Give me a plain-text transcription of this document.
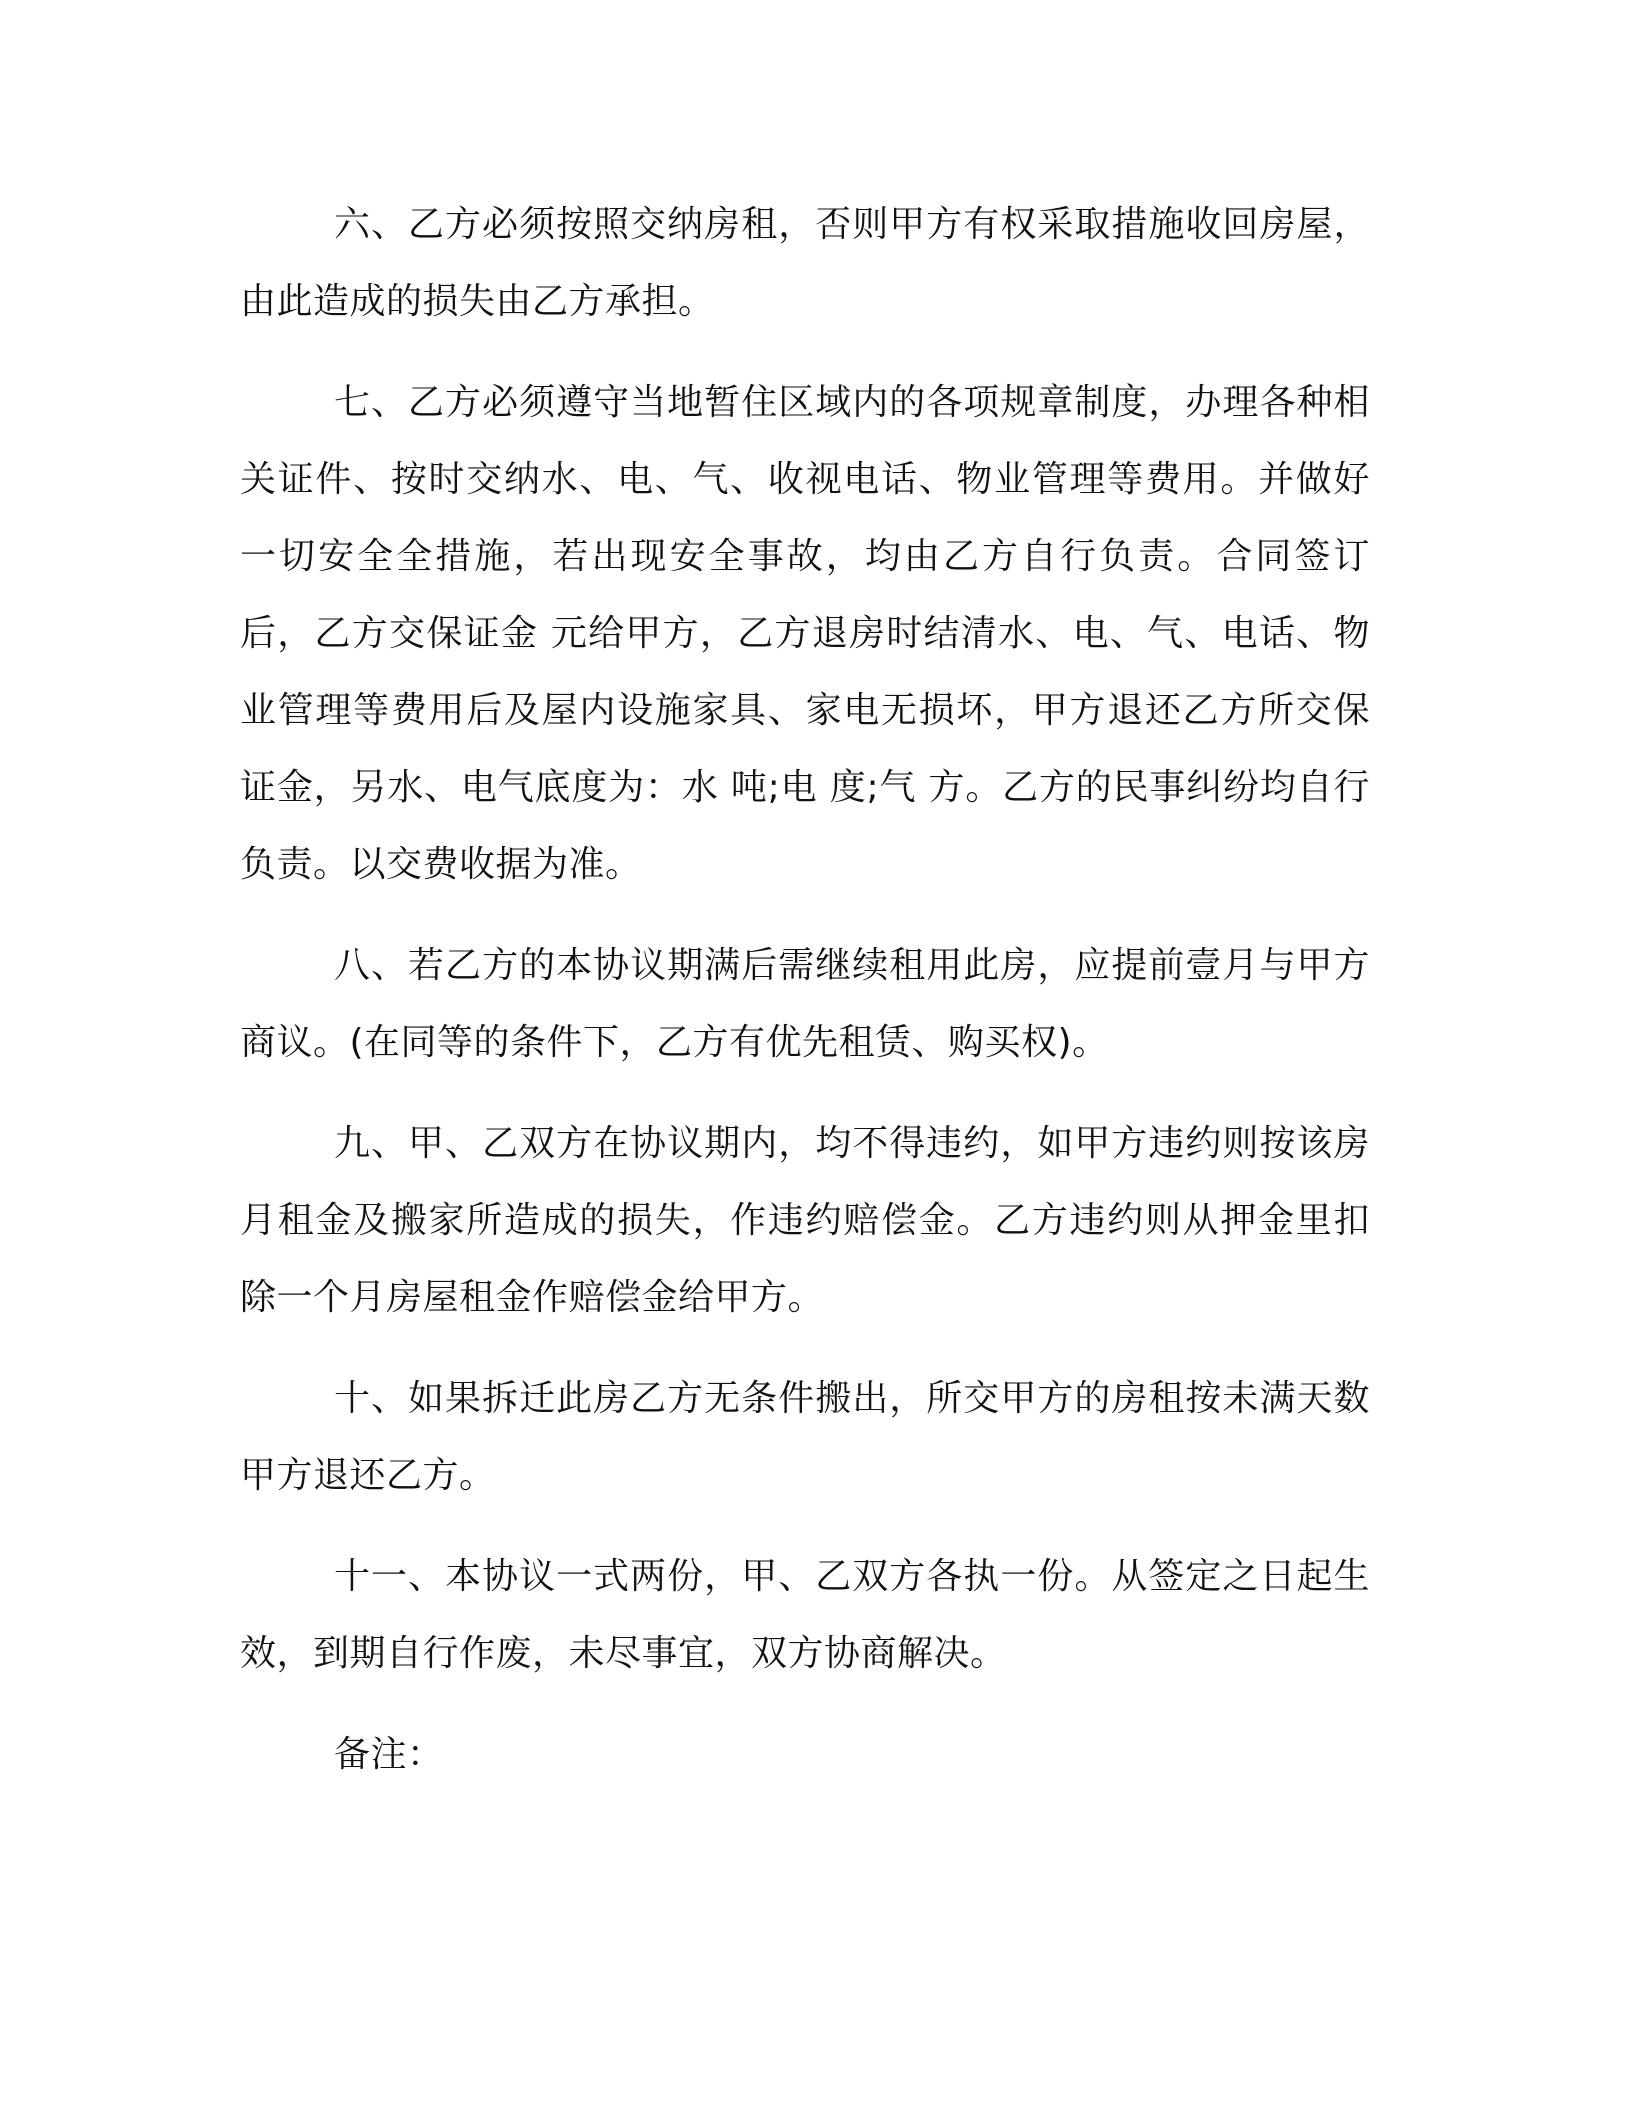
六、乙方必须按照交纳房租，否则甲方有权采取措施收回房屋，由此造成的损失由乙方承担。

七、乙方必须遵守当地暂住区域内的各项规章制度，办理各种相关证件、按时交纳水、电、气、收视电话、物业管理等费用。并做好一切安全全措施，若出现安全事故，均由乙方自行负责。合同签订后，乙方交保证金 元给甲方，乙方退房时结清水、电、气、电话、物业管理等费用后及屋内设施家具、家电无损坏，甲方退还乙方所交保证金，另水、电气底度为：水 吨;电 度;气 方。乙方的民事纠纷均自行负责。以交费收据为准。

八、若乙方的本协议期满后需继续租用此房，应提前壹月与甲方商议。(在同等的条件下，乙方有优先租赁、购买权)。

九、甲、乙双方在协议期内，均不得违约，如甲方违约则按该房月租金及搬家所造成的损失，作违约赔偿金。乙方违约则从押金里扣除一个月房屋租金作赔偿金给甲方。

十、如果拆迁此房乙方无条件搬出，所交甲方的房租按未满天数甲方退还乙方。

十一、本协议一式两份，甲、乙双方各执一份。从签定之日起生效，到期自行作废，未尽事宜，双方协商解决。

备注：
